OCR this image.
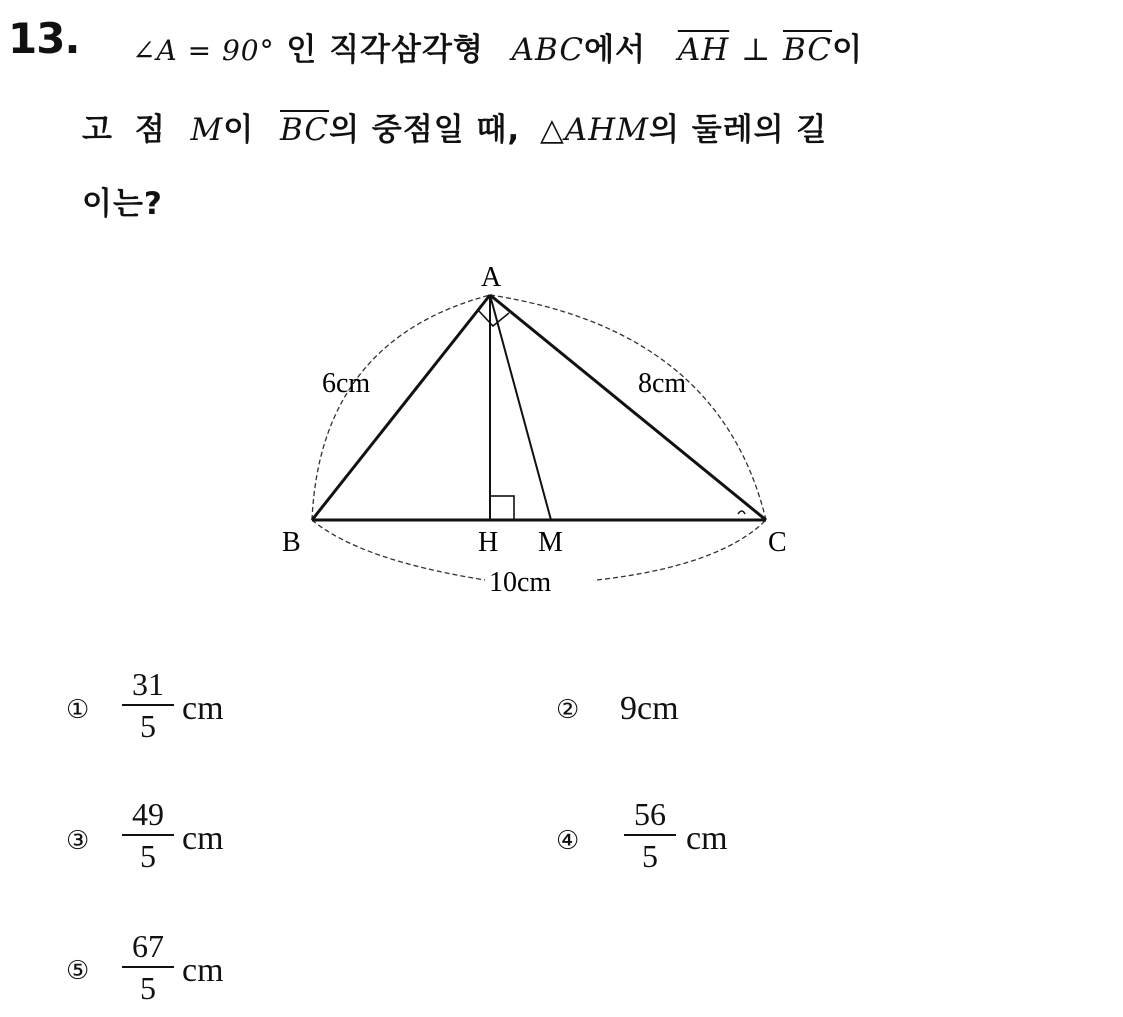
13. ∠A = 90° 인 직각삼각형 ABC에서 $\overline{AH}$ ⊥ $\overline{BC}$이
고 점 M이 $\overline{BC}$의 중점일 때, △AHM의 둘레의 길
이는?
A
B	C
H M
6cm	8cm
10cm
①
31
5 cm	② 9cm
③
49
5 cm	④
56
5 cm
⑤
67
5 cm
